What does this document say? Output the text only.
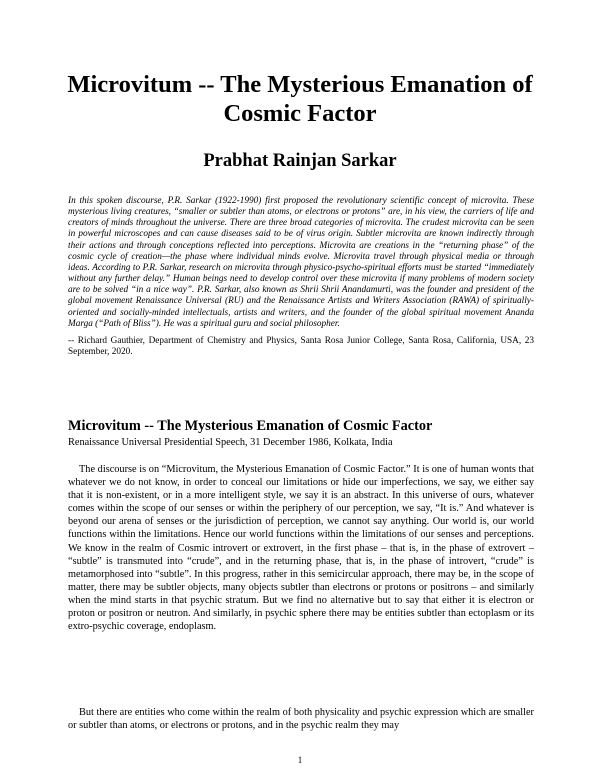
Microvitum -- The Mysterious Emanation of Cosmic Factor

Prabhat Rainjan Sarkar

In this spoken discourse, P.R. Sarkar (1922-1990) first proposed the revolutionary scientific concept of microvita. These mysterious living creatures, “smaller or subtler than atoms, or electrons or protons” are, in his view, the carriers of life and creators of minds throughout the universe. There are three broad categories of microvita. The crudest microvita can be seen in powerful microscopes and can cause diseases said to be of virus origin. Subtler microvita are known indirectly through their actions and through conceptions reflected into perceptions. Microvita are creations in the “returning phase” of the cosmic cycle of creation—the phase where individual minds evolve. Microvita travel through physical media or through ideas. According to P.R. Sarkar, research on microvita through physico-psycho-spiritual efforts must be started “immediately without any further delay.” Human beings need to develop control over these microvita if many problems of modern society are to be solved “in a nice way”. P.R. Sarkar, also known as Shrii Shrii Anandamurti, was the founder and president of the global movement Renaissance Universal (RU) and the Renaissance Artists and Writers Association (RAWA) of spiritually-oriented and socially-minded intellectuals, artists and writers, and the founder of the global spiritual movement Ananda Marga (“Path of Bliss”). He was a spiritual guru and social philosopher.

-- Richard Gauthier, Department of Chemistry and Physics, Santa Rosa Junior College, Santa Rosa, California, USA, 23 September, 2020.

Microvitum -- The Mysterious Emanation of Cosmic Factor

Renaissance Universal Presidential Speech, 31 December 1986, Kolkata, India

The discourse is on “Microvitum, the Mysterious Emanation of Cosmic Factor.” It is one of human wonts that whatever we do not know, in order to conceal our limitations or hide our imperfections, we say, we either say that it is non-existent, or in a more intelligent style, we say it is an abstract. In this universe of ours, whatever comes within the scope of our senses or within the periphery of our perception, we say, “It is.” And whatever is beyond our arena of senses or the jurisdiction of perception, we cannot say anything. Our world is, our world functions within the limitations. Hence our world functions within the limitations of our senses and perceptions. We know in the realm of Cosmic introvert or extrovert, in the first phase – that is, in the phase of extrovert – “subtle” is transmuted into “crude”, and in the returning phase, that is, in the phase of introvert, “crude” is metamorphosed into “subtle”. In this progress, rather in this semicircular approach, there may be, in the scope of matter, there may be subtler objects, many objects subtler than electrons or protons or positrons – and similarly when the mind starts in that psychic stratum. But we find no alternative but to say that either it is electron or proton or positron or neutron. And similarly, in psychic sphere there may be entities subtler than ectoplasm or its extro-psychic coverage, endoplasm.

But there are entities who come within the realm of both physicality and psychic expression which are smaller or subtler than atoms, or electrons or protons, and in the psychic realm they may

1
